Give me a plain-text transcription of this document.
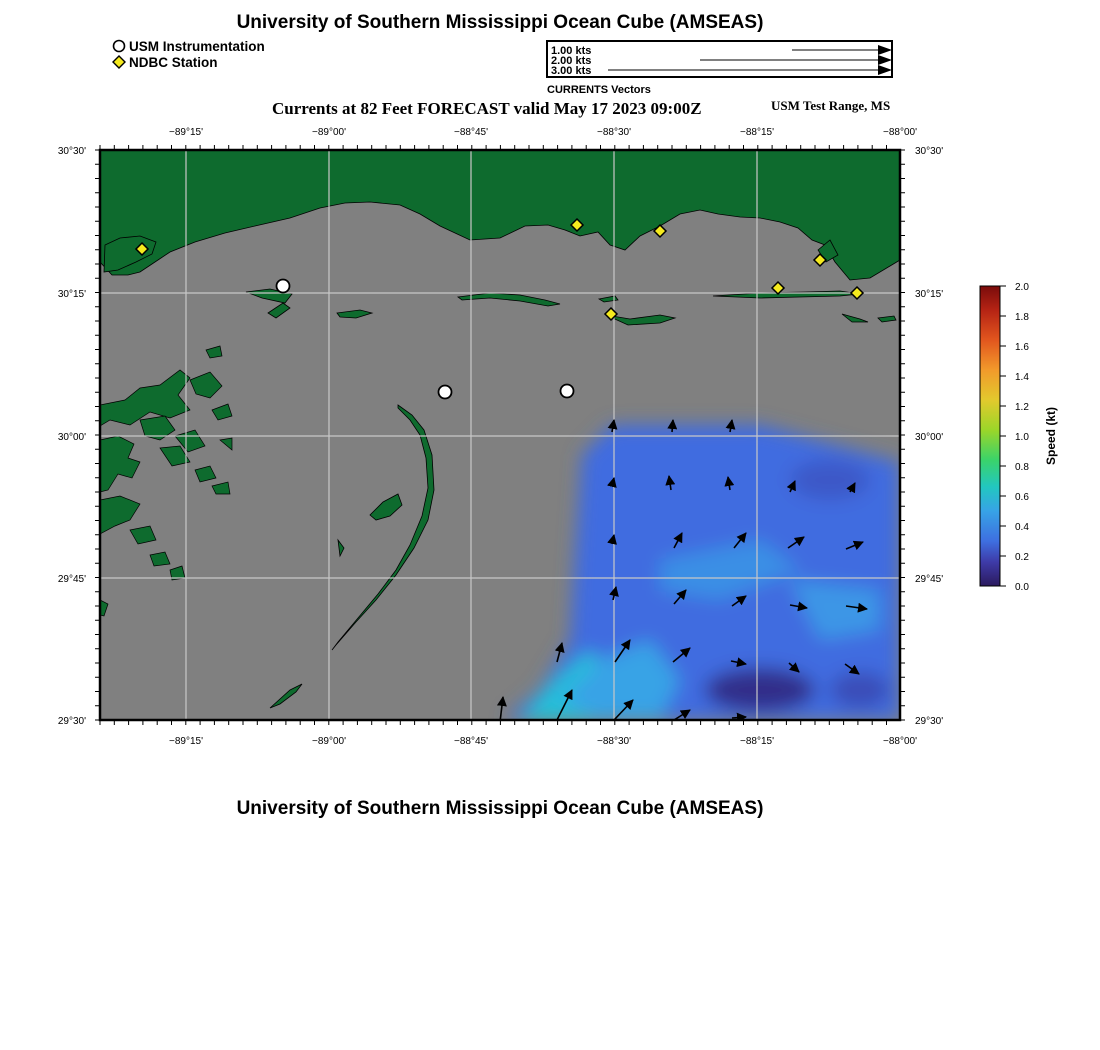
University of Southern Mississippi Ocean Cube (AMSEAS)
USM Instrumentation
NDBC Station
1.00 kts
2.00 kts
3.00 kts
CURRENTS Vectors
Currents at 82 Feet FORECAST valid May 17 2023 09:00Z	USM Test Range, MS
−89°15'	−89°00'	−88°45'	−88°30'	−88°15'	−88°00'
−89°15'	−89°00'	−88°45'	−88°30'	−88°15'	−88°00'
30°30'
30°15'
30°00'
29°45'
29°30'
30°30'
30°15'
30°00'
29°45'
29°30'
2.0
1.8
1.6
1.4
1.2
1.0
0.8
0.6
0.4
0.2
0.0
Speed (kt)
University of Southern Mississippi Ocean Cube (AMSEAS)
